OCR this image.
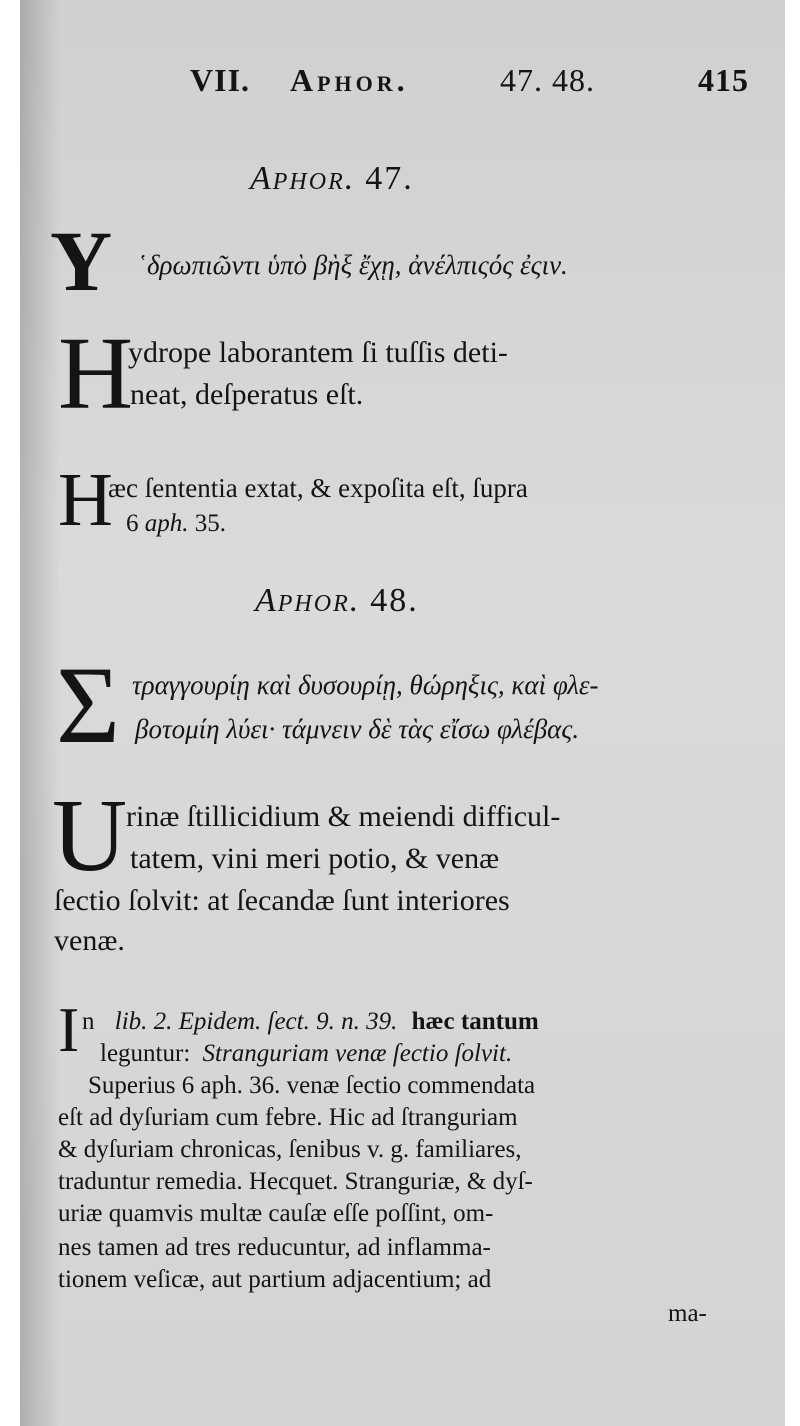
VII. Aphor.	47. 48.	415
Aphor. 47.
Υ ῾δρωπιῶντι ὑπὸ βὴξ ἔχῃ, ἀνέλπιςός ἐςιν.
H
ydrope laborantem ſi tuſſis deti-
neat, deſperatus eſt.
H
æc ſententia extat, & expoſita eſt, ſupra
6 aph. 35.
Aphor. 48.
Σ τραγγουρίῃ καὶ δυσουρίῃ, θώρηξις, καὶ φλε-
βοτομίη λύει· τάμνειν δὲ τὰς εἴσω φλέβας.
U
rinæ ſtillicidium & meiendi difficul-
tatem, vini meri potio, & venæ
ſectio ſolvit: at ſecandæ ſunt interiores
venæ.
I n lib. 2. Epidem. ſect. 9. n. 39. hæc tantum
leguntur: Stranguriam venæ ſectio ſolvit.
Superius 6 aph. 36. venæ ſectio commendata
eſt ad dyſuriam cum febre. Hic ad ſtranguriam
& dyſuriam chronicas, ſenibus v. g. familiares,
traduntur remedia. Hecquet. Stranguriæ, & dyſ-
uriæ quamvis multæ cauſæ eſſe poſſint, om-
nes tamen ad tres reducuntur, ad inflamma-
tionem veſicæ, aut partium adjacentium; ad
ma-
